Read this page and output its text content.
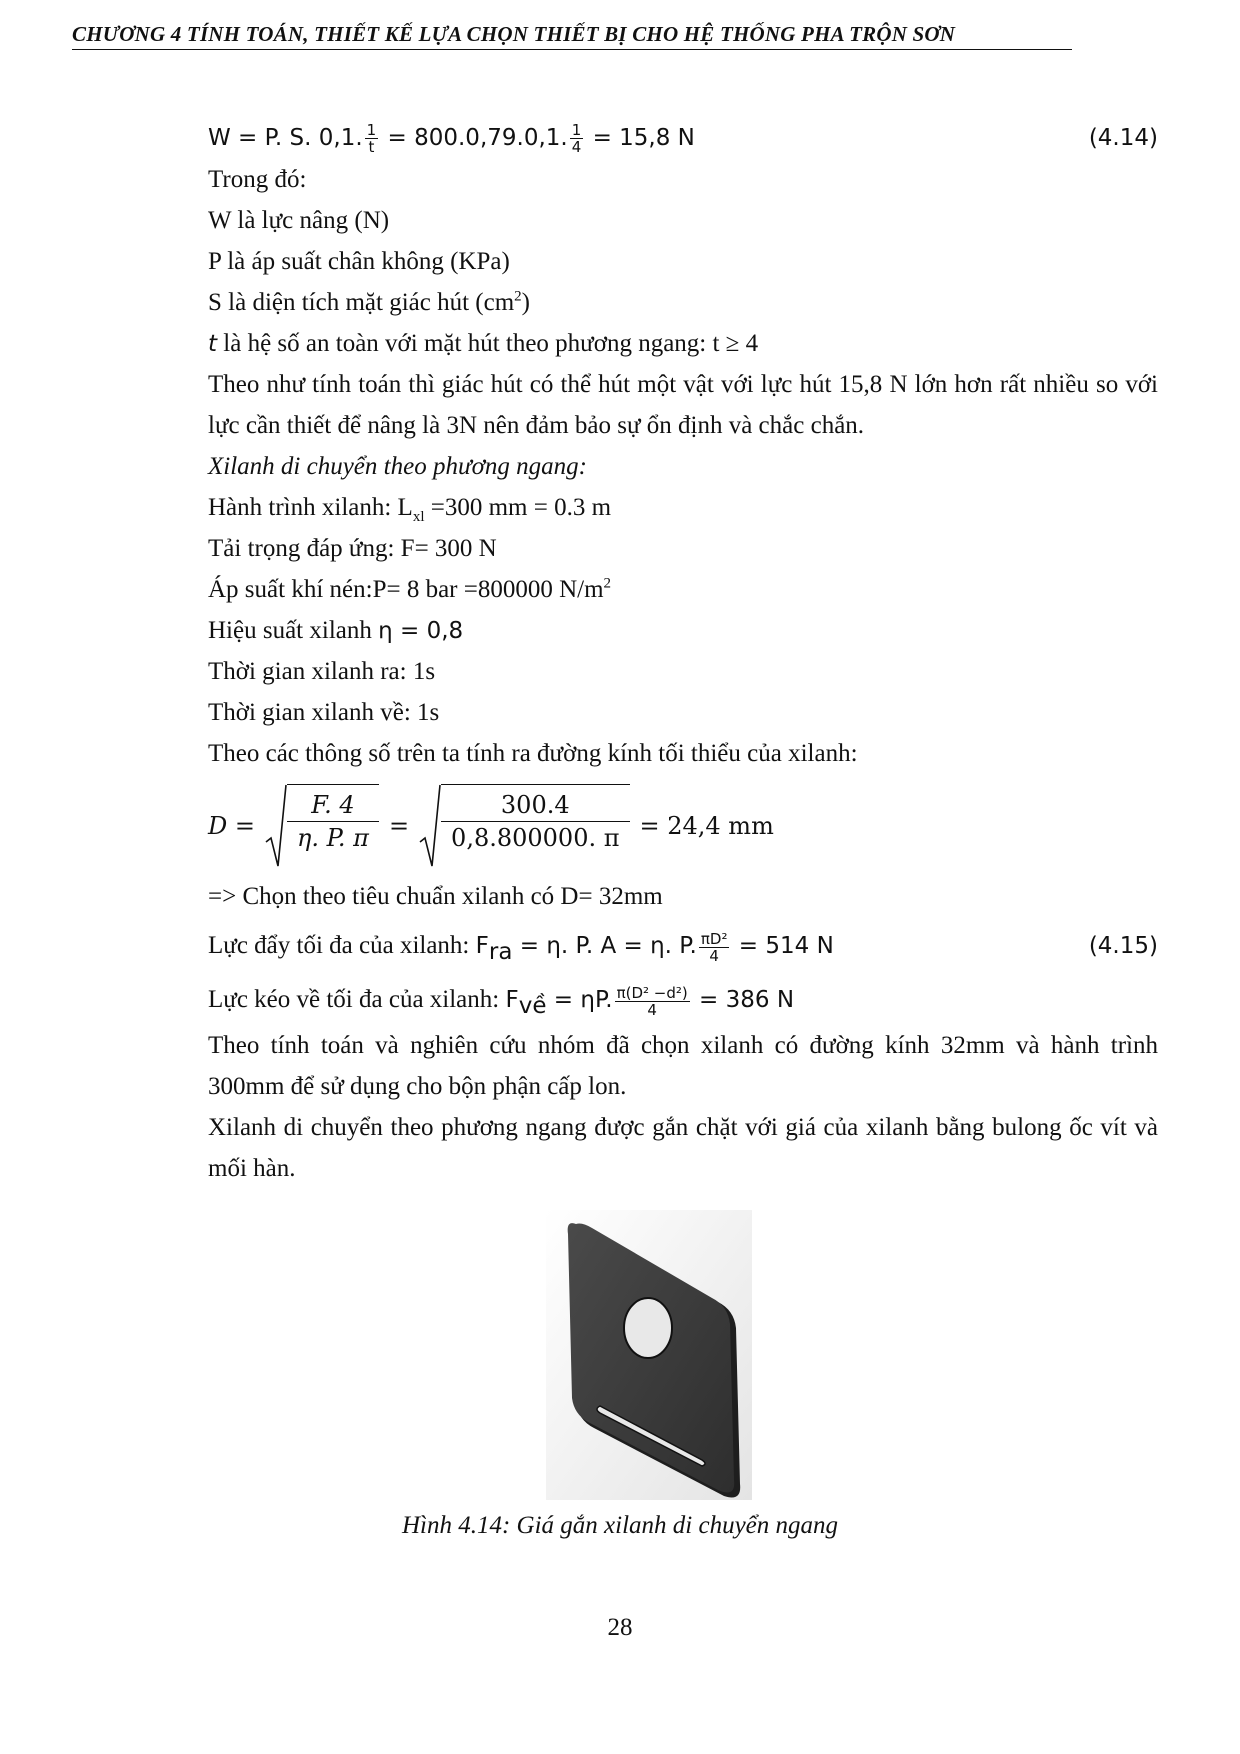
CHƯƠNG 4 TÍNH TOÁN, THIẾT KẾ LỰA CHỌN THIẾT BỊ CHO HỆ THỐNG PHA TRỘN SƠN
W = P. S. 0,1. $\frac{1}{t} = 800.0,79.0,1$. $\frac{1}{4} = 15,8$ N	(4.14)
Trong đó:
W là lực nâng (N)
P là áp suất chân không (KPa)
S là diện tích mặt giác hút $(cm^2)$
t là hệ số an toàn với mặt hút theo phương ngang: t ≥ 4
Theo như tính toán thì giác hút có thể hút một vật với lực hút 15,8 N lớn hơn rất nhiều so với lực cần thiết để nâng là 3N nên đảm bảo sự ổn định và chắc chắn.
Xilanh di chuyển theo phương ngang:
Hành trình xilanh: $L_{xl} =300$ mm = 0.3 m
Tải trọng đáp ứng: F= 300 N
Áp suất khí nén:P= 8 bar =800000 $N/m^2$
Hiệu suất xilanh η = 0,8
Thời gian xilanh ra: 1s
Thời gian xilanh về: 1s
Theo các thông số trên ta tính ra đường kính tối thiểu của xilanh:
$D = \frac{F. 4}{\eta. P. \pi} = \frac{300.4}{0,8.800000. \pi} = 24,4$ mm
=> Chọn theo tiêu chuẩn xilanh có D= 32mm
Lực đẩy tối đa của xilanh: $F_{ra} = \eta$. P. A = η. P. $\frac{\text{πD²}}{4} = 514$ N	(4.15)
Lực kéo về tối đa của xilanh: $F_{về} = \eta P$. $\frac{\text{π(D² −d²)}}{4} = 386$ N
Theo tính toán và nghiên cứu nhóm đã chọn xilanh có đường kính 32mm và hành trình 300mm để sử dụng cho bộn phận cấp lon.
Xilanh di chuyển theo phương ngang được gắn chặt với giá của xilanh bằng bulong ốc vít và mối hàn.
Hình 4.14: Giá gắn xilanh di chuyển ngang
28
